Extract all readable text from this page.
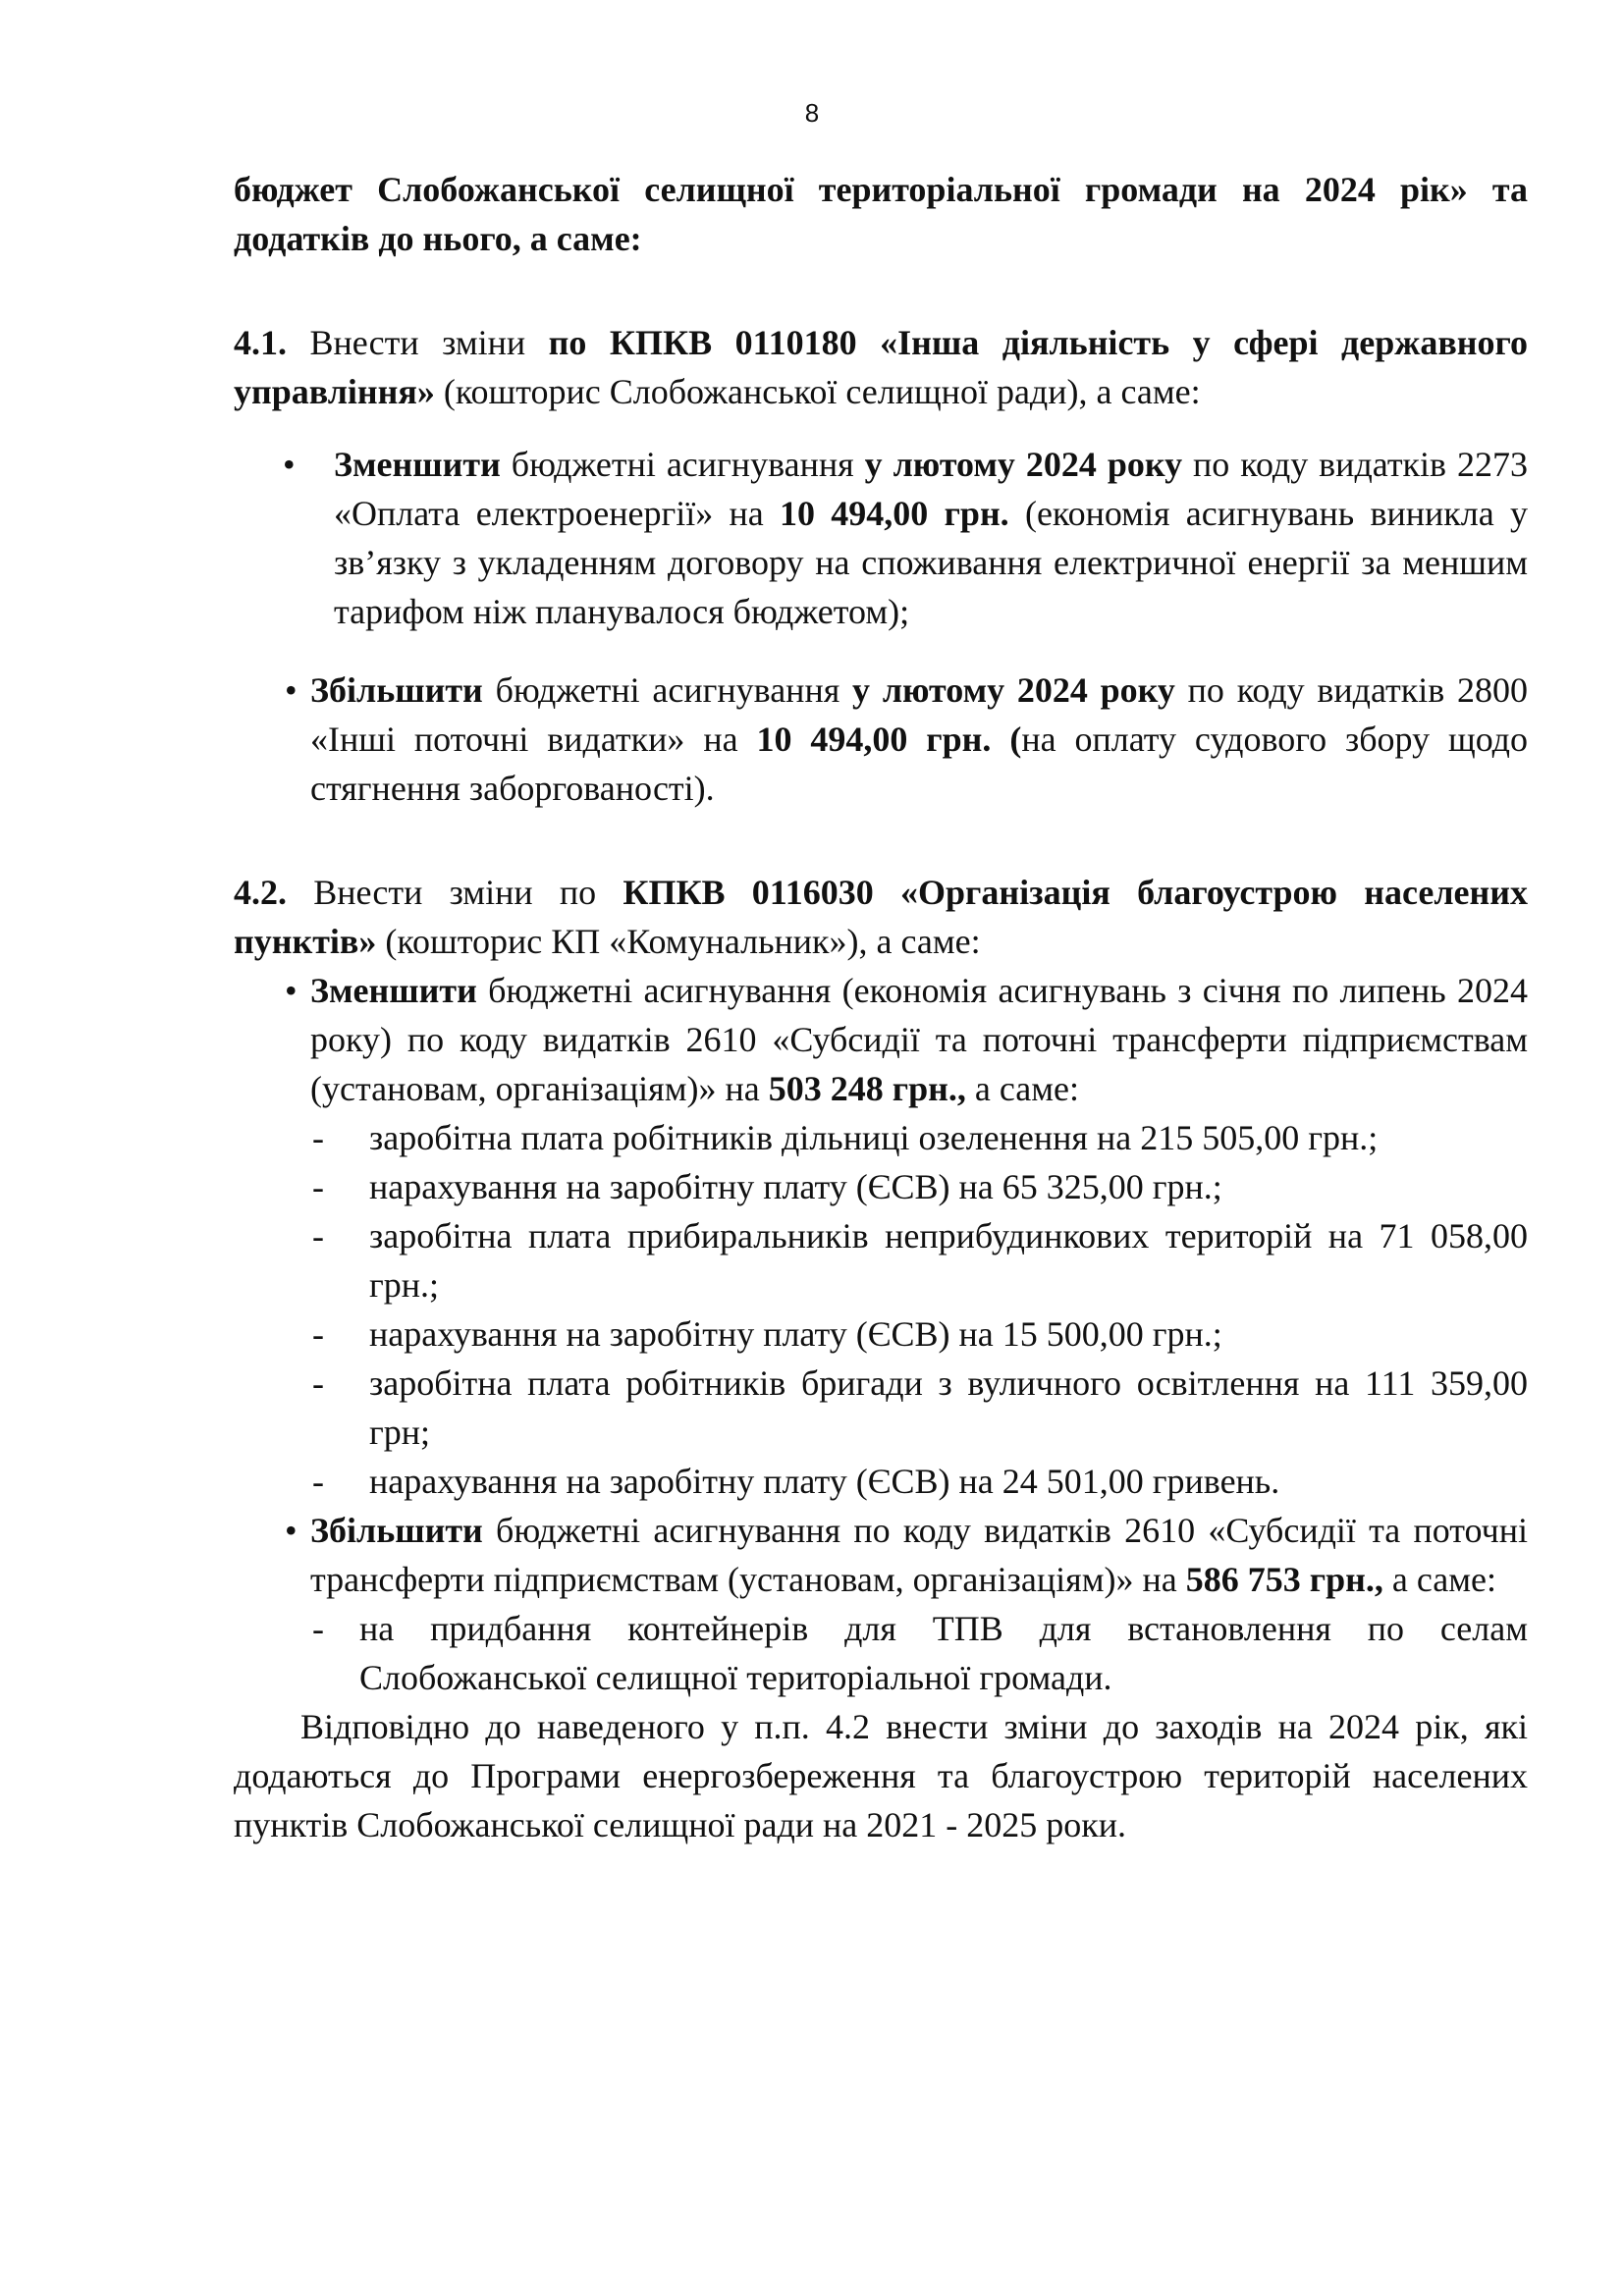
8

бюджет Слобожанської селищної територіальної громади на 2024 рік» та додатків до нього, а саме:

4.1. Внести зміни по КПКВ 0110180 «Інша діяльність у сфері державного управління» (кошторис Слобожанської селищної ради), а саме:

• Зменшити бюджетні асигнування у лютому 2024 року по коду видатків 2273 «Оплата електроенергії» на 10 494,00 грн. (економія асигнувань виникла у зв’язку з укладенням договору на споживання електричної енергії за меншим тарифом ніж планувалося бюджетом);

• Збільшити бюджетні асигнування у лютому 2024 року по коду видатків 2800 «Інші поточні видатки» на 10 494,00 грн. (на оплату судового збору щодо стягнення заборгованості).

4.2. Внести зміни по КПКВ 0116030 «Організація благоустрою населених пунктів» (кошторис КП «Комунальник»), а саме:

• Зменшити бюджетні асигнування (економія асигнувань з січня по липень 2024 року) по коду видатків 2610 «Субсидії та поточні трансферти підприємствам (установам, організаціям)» на 503 248 грн., а саме:

- заробітна плата робітників дільниці озеленення на 215 505,00 грн.;

- нарахування на заробітну плату (ЄСВ) на 65 325,00 грн.;

- заробітна плата прибиральників неприбудинкових територій на 71 058,00 грн.;

- нарахування на заробітну плату (ЄСВ) на 15 500,00 грн.;

- заробітна плата робітників бригади з вуличного освітлення на 111 359,00 грн;

- нарахування на заробітну плату (ЄСВ) на 24 501,00 гривень.

• Збільшити бюджетні асигнування по коду видатків 2610 «Субсидії та поточні трансферти підприємствам (установам, організаціям)» на 586 753 грн., а саме:

- на придбання контейнерів для ТПВ для встановлення по селам Слобожанської селищної територіальної громади.

Відповідно до наведеного у п.п. 4.2 внести зміни до заходів на 2024 рік, які додаються до Програми енергозбереження та благоустрою територій населених пунктів Слобожанської селищної ради на 2021 - 2025 роки.
